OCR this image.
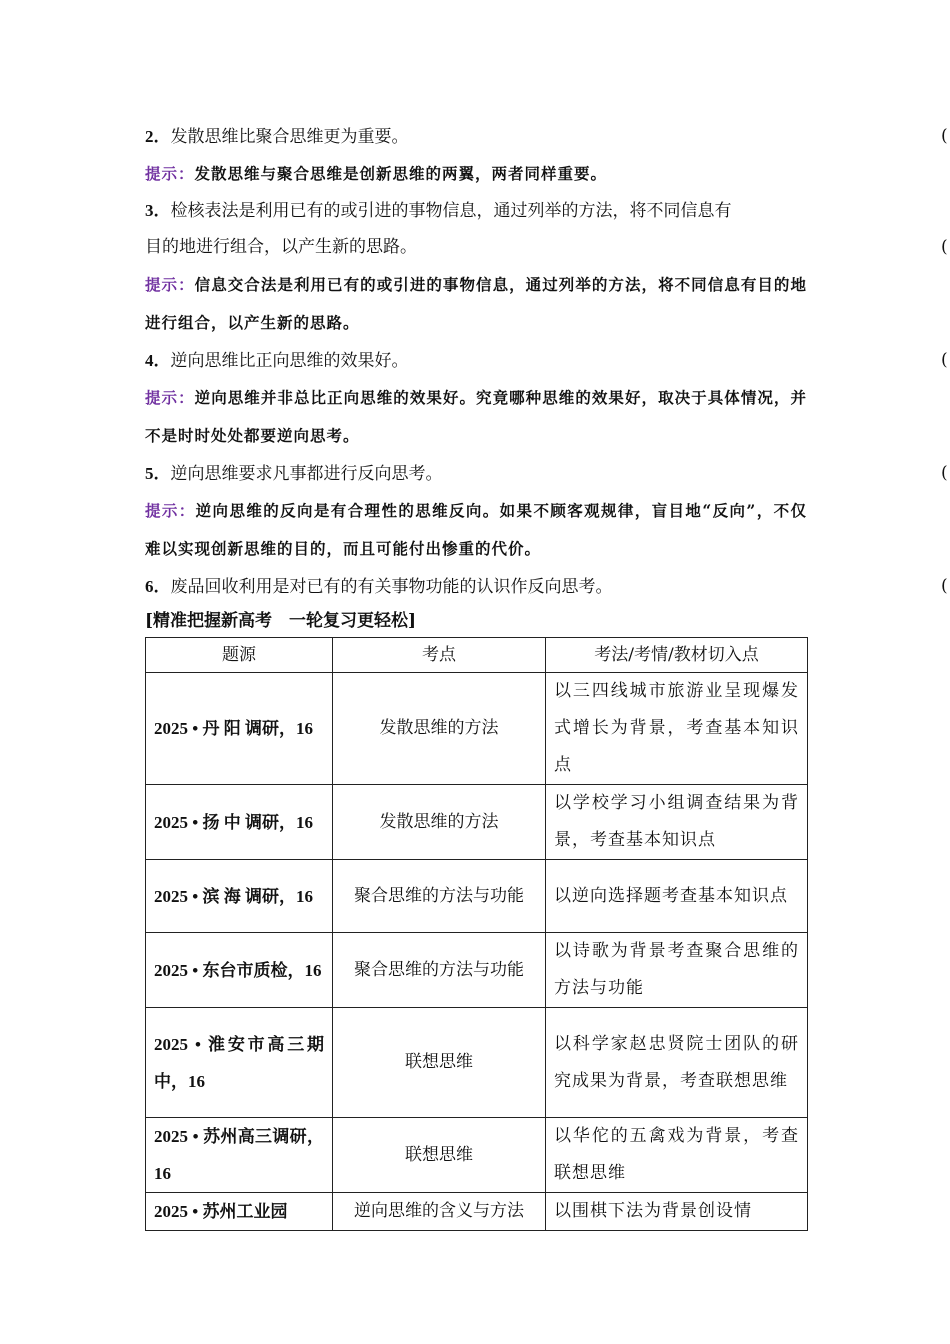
2．发散思维比聚合思维更为重要。	(
提示：发散思维与聚合思维是创新思维的两翼，两者同样重要。
3．检核表法是利用已有的或引进的事物信息，通过列举的方法，将不同信息有
目的地进行组合，以产生新的思路。	(
提示：信息交合法是利用已有的或引进的事物信息，通过列举的方法，将不同信息有目的地进行组合，以产生新的思路。
4．逆向思维比正向思维的效果好。	(
提示：逆向思维并非总比正向思维的效果好。究竟哪种思维的效果好，取决于具体情况，并不是时时处处都要逆向思考。
5．逆向思维要求凡事都进行反向思考。	(
提示：逆向思维的反向是有合理性的思维反向。如果不顾客观规律，盲目地“反向”，不仅难以实现创新思维的目的，而且可能付出惨重的代价。
6．废品回收利用是对已有的有关事物功能的认识作反向思考。	(
[精准把握新高考　一轮复习更轻松]
题源	考点	考法/考情/教材切入点
2025 • 丹 阳 调研，16	发散思维的方法	以三四线城市旅游业呈现爆发式增长为背景，考查基本知识点
2025 • 扬 中 调研，16	发散思维的方法	以学校学习小组调查结果为背景，考查基本知识点
2025 • 滨 海 调研，16	聚合思维的方法与功能	以逆向选择题考查基本知识点
2025 • 东台市质检，16	聚合思维的方法与功能	以诗歌为背景考查聚合思维的方法与功能
2025 • 淮安市高三期中，16	联想思维	以科学家赵忠贤院士团队的研究成果为背景，考查联想思维
2025 • 苏州高三调研，16	联想思维	以华佗的五禽戏为背景，考查联想思维
2025 • 苏州工业园	逆向思维的含义与方法	以围棋下法为背景创设情
